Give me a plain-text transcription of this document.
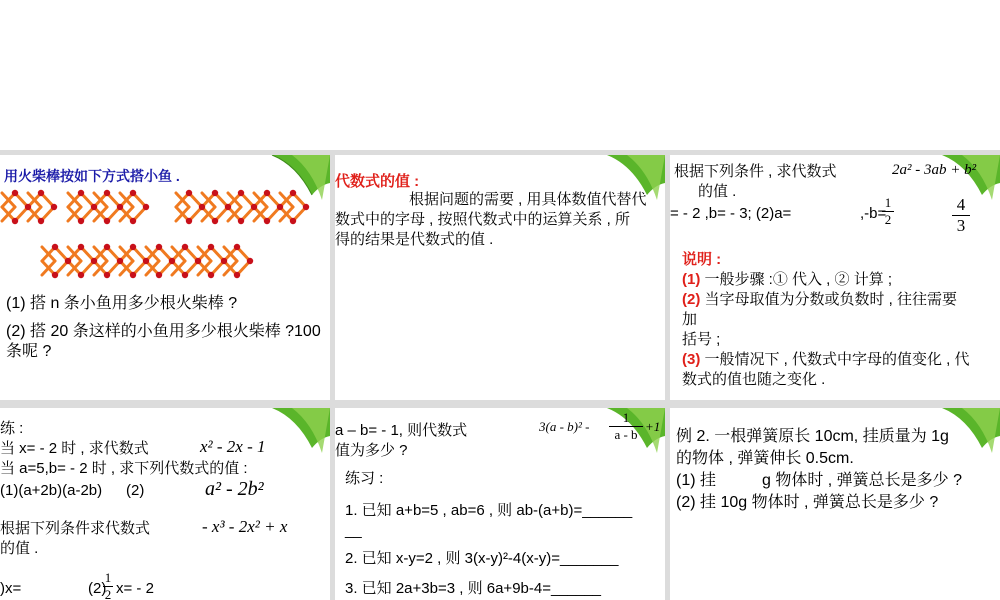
用火柴棒按如下方式搭小鱼 .
(1) 搭 n 条小鱼用多少根火柴棒 ?
(2) 搭 20 条这样的小鱼用多少根火柴棒 ?100
条呢 ?
代数式的值 :
根据问题的需要 , 用具体数值代替代
数式中的字母 , 按照代数式中的运算关系 , 所
得的结果是代数式的值 .
根据下列条件 , 求代数式	2a² - 3ab + b²
的值 .
= - 2 ,b= - 3; (2)a=	,-b=
$\frac{1}{2}$	$\frac{4}{3}$
说明 :
(1) 一般步骤 :① 代入 , ② 计算 ;
(2) 当字母取值为分数或负数时 , 往往需要
加
括号 ;
(3) 一般情况下 , 代数式中字母的值变化 , 代
数式的值也随之变化 .
练 :
当 x= - 2 时 , 求代数式	x² - 2x - 1
当 a=5,b= - 2 时 , 求下列代数式的值 :
(1)(a+2b)(a-2b) (2)	a² - 2b²
根据下列条件求代数式	- x³ - 2x² + x
的值 .
)x=	(2)
$\frac{1}{2} x= - 2$
a – b= - 1, 则代数式	$3(a - b)^2 - \frac{1}{a - b} +1$
值为多少 ?
练习 :
1. 已知 a+b=5 , ab=6 , 则 ab-(a+b)=______
__
2. 已知 x-y=2 , 则 3(x-y)²-4(x-y)=_______
3. 已知 2a+3b=3 , 则 6a+9b-4=______
例 2. 一根弹簧原长 10cm, 挂质量为 1g
的物体 , 弹簧伸长 0.5cm.
(1) 挂	g 物体时 , 弹簧总长是多少 ?
(2) 挂 10g 物体时 , 弹簧总长是多少 ?
